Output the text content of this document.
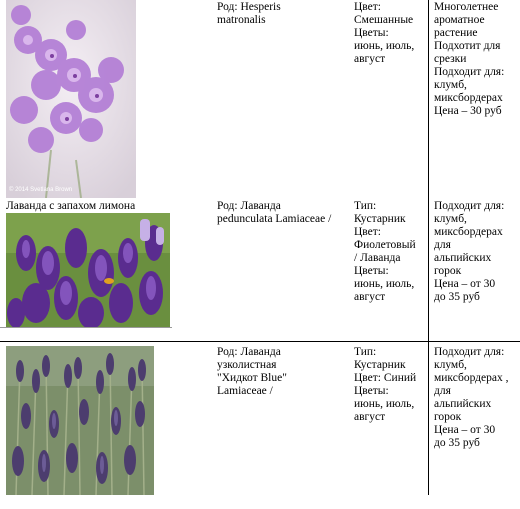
© 2014 Svetlana Brown
Род: Hesperis
matronalis
Цвет:
Смешанные
Цветы:
июнь, июль,
август
Многолетнее
ароматное
растение
Подхотит для
срезки
Подходит для:
клумб,
миксбордерах
Цена – 30 руб
Лаванда с запахом лимона	Род: Лаванда
pedunculata Lamiaceae /
Тип:
Кустарник
Цвет:
Фиолетовый
/ Лаванда
Цветы:
июнь, июль,
август
Подходит для:
клумб,
миксбордерах
для
альпийских
горок
Цена – от 30
до 35 руб
Род: Лаванда
узколистная
"Хидкот Blue"
Lamiaceae /
Тип:
Кустарник
Цвет: Синий
Цветы:
июнь, июль,
август
Подходит для:
клумб,
миксбордерах ,
для
альпийских
горок
Цена – от 30
до 35 руб
